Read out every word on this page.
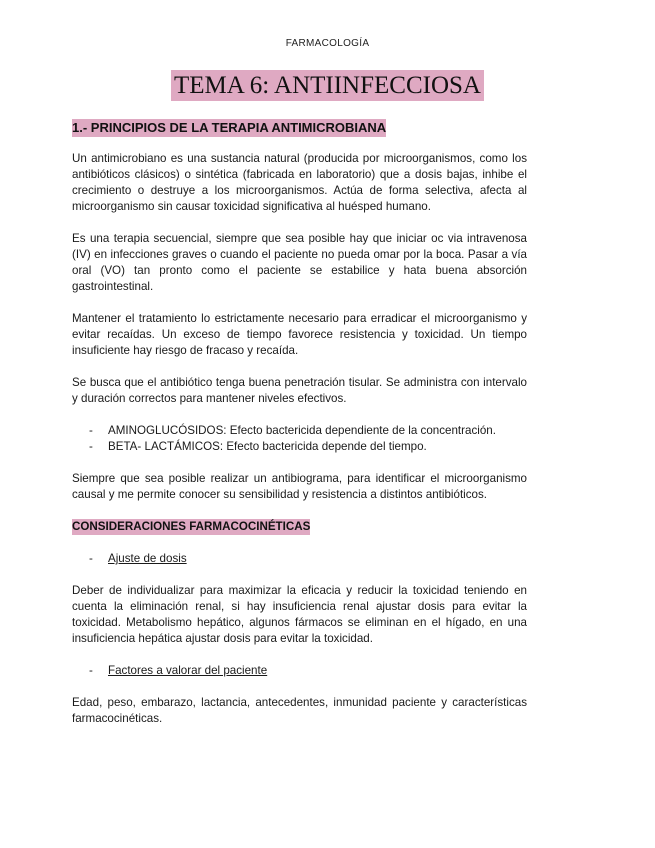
FARMACOLOGÍA
TEMA 6: ANTIINFECCIOSA
1.- PRINCIPIOS DE LA TERAPIA ANTIMICROBIANA

Un antimicrobiano es una sustancia natural (producida por microorganismos, como los antibióticos clásicos) o sintética (fabricada en laboratorio) que a dosis bajas, inhibe el crecimiento o destruye a los microorganismos. Actúa de forma selectiva, afecta al microorganismo sin causar toxicidad significativa al huésped humano.

Es una terapia secuencial, siempre que sea posible hay que iniciar oc via intravenosa (IV) en infecciones graves o cuando el paciente no pueda omar por la boca. Pasar a vía oral (VO) tan pronto como el paciente se estabilice y hata buena absorción gastrointestinal.

Mantener el tratamiento lo estrictamente necesario para erradicar el microorganismo y evitar recaídas. Un exceso de tiempo favorece resistencia y toxicidad. Un tiempo insuficiente hay riesgo de fracaso y recaída.

Se busca que el antibiótico tenga buena penetración tisular. Se administra con intervalo y duración correctos para mantener niveles efectivos.

- AMINOGLUCÓSIDOS: Efecto bactericida dependiente de la concentración.
- BETA- LACTÁMICOS: Efecto bactericida depende del tiempo.

Siempre que sea posible realizar un antibiograma, para identificar el microorganismo causal y me permite conocer su sensibilidad y resistencia a distintos antibióticos.

CONSIDERACIONES FARMACOCINÉTICAS
- Ajuste de dosis

Deber de individualizar para maximizar la eficacia y reducir la toxicidad teniendo en cuenta la eliminación renal, si hay insuficiencia renal ajustar dosis para evitar la toxicidad. Metabolismo hepático, algunos fármacos se eliminan en el hígado, en una insuficiencia hepática ajustar dosis para evitar la toxicidad.

- Factores a valorar del paciente

Edad, peso, embarazo, lactancia, antecedentes, inmunidad paciente y características farmacocinéticas.
